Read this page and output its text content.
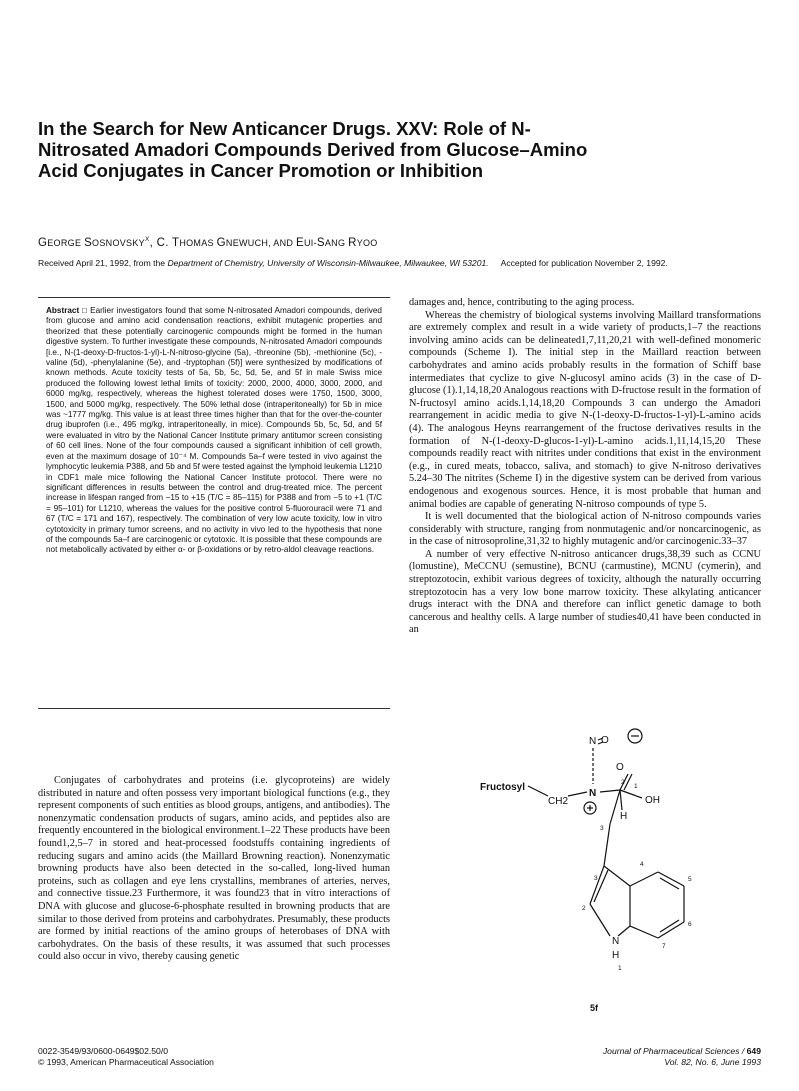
In the Search for New Anticancer Drugs. XXV: Role of N-Nitrosated Amadori Compounds Derived from Glucose–Amino Acid Conjugates in Cancer Promotion or Inhibition
GEORGE $SOSNOVSKY^X$, C. THOMAS GNEWUCH, AND EUI-SANG RYOO
Received April 21, 1992, from the Department of Chemistry, University of Wisconsin-Milwaukee, Milwaukee, WI 53201. Accepted for publication November 2, 1992.
Abstract □ Earlier investigators found that some N-nitrosated Amadori compounds, derived from glucose and amino acid condensation reactions, exhibit mutagenic properties and theorized that these potentially carcinogenic compounds might be formed in the human digestive system. To further investigate these compounds, N-nitrosated Amadori compounds [i.e., N-(1-deoxy-D-fructos-1-yl)-L-N-nitroso-glycine (5a), -threonine (5b), -methionine (5c), -valine (5d), -phenylalanine (5e), and -tryptophan (5f)] were synthesized by modifications of known methods. Acute toxicity tests of 5a, 5b, 5c, 5d, 5e, and 5f in male Swiss mice produced the following lowest lethal limits of toxicity: 2000, 2000, 4000, 3000, 2000, and 6000 mg/kg, respectively, whereas the highest tolerated doses were 1750, 1500, 3000, 1500, and 5000 mg/kg, respectively. The 50% lethal dose (intraperitoneally) for 5b in mice was ~1777 mg/kg. This value is at least three times higher than that for the over-the-counter drug ibuprofen (i.e., 495 mg/kg, intraperitoneally, in mice). Compounds 5b, 5c, 5d, and 5f were evaluated in vitro by the National Cancer Institute primary antitumor screen consisting of 60 cell lines. None of the four compounds caused a significant inhibition of cell growth, even at the maximum dosage of 10⁻⁴ M. Compounds 5a–f were tested in vivo against the lymphocytic leukemia P388, and 5b and 5f were tested against the lymphoid leukemia L1210 in CDF1 male mice following the National Cancer Institute protocol. There were no significant differences in results between the control and drug-treated mice. The percent increase in lifespan ranged from −15 to +15 (T/C = 85–115) for P388 and from −5 to +1 (T/C = 95–101) for L1210, whereas the values for the positive control 5-fluorouracil were 71 and 67 (T/C = 171 and 167), respectively. The combination of very low acute toxicity, low in vitro cytotoxicity in primary tumor screens, and no activity in vivo led to the hypothesis that none of the compounds 5a–f are carcinogenic or cytotoxic. It is possible that these compounds are not metabolically activated by either α- or β-oxidations or by retro-aldol cleavage reactions.

Conjugates of carbohydrates and proteins (i.e. glycoproteins) are widely distributed in nature and often possess very important biological functions (e.g., they represent components of such entities as blood groups, antigens, and antibodies). The nonenzymatic condensation products of sugars, amino acids, and peptides also are frequently encountered in the biological environment.1–22 These products have been found1,2,5–7 in stored and heat-processed foodstuffs containing ingredients of reducing sugars and amino acids (the Maillard Browning reaction). Nonenzymatic browning products have also been detected in the so-called, long-lived human proteins, such as collagen and eye lens crystallins, membranes of arteries, nerves, and connective tissue.23 Furthermore, it was found23 that in vitro interactions of DNA with glucose and glucose-6-phosphate resulted in browning products that are similar to those derived from proteins and carbohydrates. Presumably, these products are formed by initial reactions of the amino groups of heterobases of DNA with carbohydrates. On the basis of these results, it was assumed that such processes could also occur in vivo, thereby causing genetic

damages and, hence, contributing to the aging process.

Whereas the chemistry of biological systems involving Maillard transformations are extremely complex and result in a wide variety of products,1–7 the reactions involving amino acids can be delineated1,7,11,20,21 with well-defined monomeric compounds (Scheme I). The initial step in the Maillard reaction between carbohydrates and amino acids probably results in the formation of Schiff base intermediates that cyclize to give N-glucosyl amino acids (3) in the case of D-glucose (1).1,14,18,20 Analogous reactions with D-fructose result in the formation of N-fructosyl amino acids.1,14,18,20 Compounds 3 can undergo the Amadori rearrangement in acidic media to give N-(1-deoxy-D-fructos-1-yl)-L-amino acids (4). The analogous Heyns rearrangement of the fructose derivatives results in the formation of N-(1-deoxy-D-glucos-1-yl)-L-amino acids.1,11,14,15,20 These compounds readily react with nitrites under conditions that exist in the environment (e.g., in cured meats, tobacco, saliva, and stomach) to give N-nitroso derivatives 5.24–30 The nitrites (Scheme I) in the digestive system can be derived from various endogenous and exogenous sources. Hence, it is most probable that human and animal bodies are capable of generating N-nitroso compounds of type 5.

It is well documented that the biological action of N-nitroso compounds varies considerably with structure, ranging from nonmutagenic and/or noncarcinogenic, as in the case of nitrosoproline,31,32 to highly mutagenic and/or carcinogenic.33–37

A number of very effective N-nitroso anticancer drugs,38,39 such as CCNU (lomustine), MeCCNU (semustine), BCNU (carmustine), MCNU (cymerin), and streptozotocin, exhibit various degrees of toxicity, although the naturally occurring streptozotocin has a very low bone marrow toxicity. These alkylating anticancer drugs interact with the DNA and therefore can inflict genetic damage to both cancerous and healthy cells. A large number of studies40,41 have been conducted in an

Fructosyl
CH2
N
O
O
OH
H
N
N
H
2
1
3
4
5
6
7
2
3
1
5f
0022-3549/93/0600-0649$02.50/0
© 1993, American Pharmaceutical Association
Journal of Pharmaceutical Sciences / 649
Vol. 82, No. 6, June 1993
